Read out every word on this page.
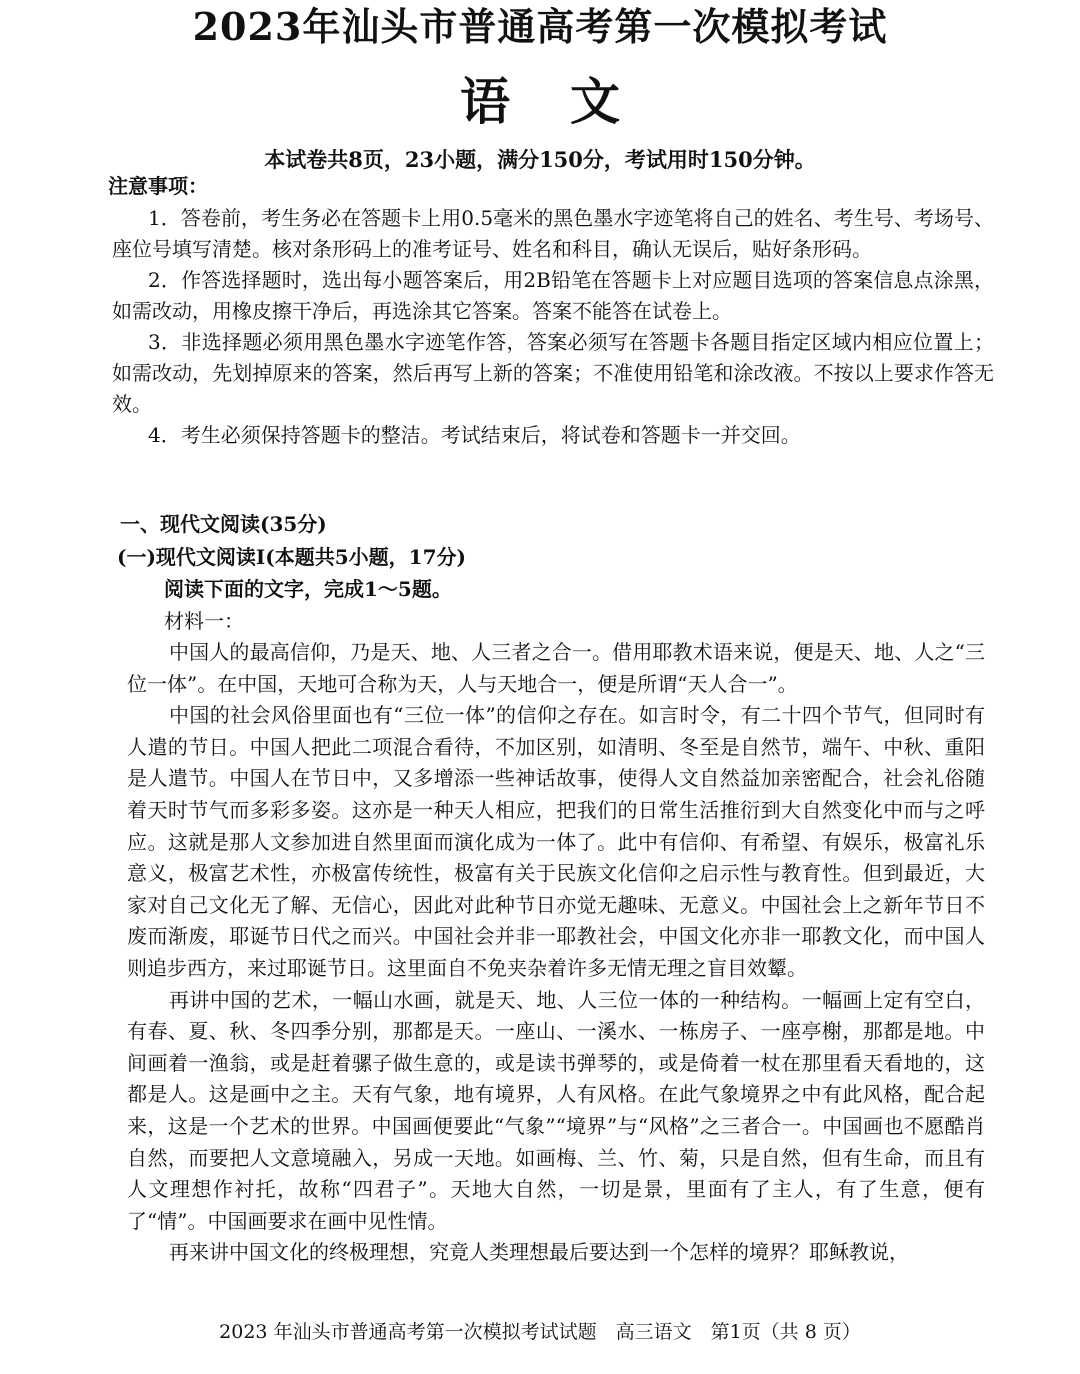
2023年汕头市普通高考第一次模拟考试
语文
本试卷共8页，23小题，满分150分，考试用时150分钟。
注意事项：

1．答卷前，考生务必在答题卡上用0.5毫米的黑色墨水字迹笔将自己的姓名、考生号、考场号、座位号填写清楚。核对条形码上的准考证号、姓名和科目，确认无误后，贴好条形码。

2．作答选择题时，选出每小题答案后，用2B铅笔在答题卡上对应题目选项的答案信息点涂黑，如需改动，用橡皮擦干净后，再选涂其它答案。答案不能答在试卷上。

3．非选择题必须用黑色墨水字迹笔作答，答案必须写在答题卡各题目指定区域内相应位置上；如需改动，先划掉原来的答案，然后再写上新的答案；不准使用铅笔和涂改液。不按以上要求作答无效。

4．考生必须保持答题卡的整洁。考试结束后，将试卷和答题卡一并交回。

一、现代文阅读(35分)
(一)现代文阅读I(本题共5小题，17分)
阅读下面的文字，完成1～5题。
材料一：

中国人的最高信仰，乃是天、地、人三者之合一。借用耶教术语来说，便是天、地、人之“三位一体”。在中国，天地可合称为天，人与天地合一，便是所谓“天人合一”。

中国的社会风俗里面也有“三位一体”的信仰之存在。如言时令，有二十四个节气，但同时有人遣的节日。中国人把此二项混合看待，不加区别，如清明、冬至是自然节，端午、中秋、重阳是人遣节。中国人在节日中，又多增添一些神话故事，使得人文自然益加亲密配合，社会礼俗随着天时节气而多彩多姿。这亦是一种天人相应，把我们的日常生活推衍到大自然变化中而与之呼应。这就是那人文参加进自然里面而演化成为一体了。此中有信仰、有希望、有娱乐，极富礼乐意义，极富艺术性，亦极富传统性，极富有关于民族文化信仰之启示性与教育性。但到最近，大家对自己文化无了解、无信心，因此对此种节日亦觉无趣味、无意义。中国社会上之新年节日不废而渐废，耶诞节日代之而兴。中国社会并非一耶教社会，中国文化亦非一耶教文化，而中国人则追步西方，来过耶诞节日。这里面自不免夹杂着许多无情无理之盲目效颦。

再讲中国的艺术，一幅山水画，就是天、地、人三位一体的一种结构。一幅画上定有空白，有春、夏、秋、冬四季分别，那都是天。一座山、一溪水、一栋房子、一座亭榭，那都是地。中间画着一渔翁，或是赶着骡子做生意的，或是读书弹琴的，或是倚着一杖在那里看天看地的，这都是人。这是画中之主。天有气象，地有境界，人有风格。在此气象境界之中有此风格，配合起来，这是一个艺术的世界。中国画便要此“气象”“境界”与“风格”之三者合一。中国画也不愿酷肖自然，而要把人文意境融入，另成一天地。如画梅、兰、竹、菊，只是自然，但有生命，而且有人文理想作衬托，故称“四君子”。天地大自然，一切是景，里面有了主人，有了生意，便有了“情”。中国画要求在画中见性情。

再来讲中国文化的终极理想，究竟人类理想最后要达到一个怎样的境界？耶稣教说，

2023 年汕头市普通高考第一次模拟考试试题　高三语文　第1页（共 8 页）
